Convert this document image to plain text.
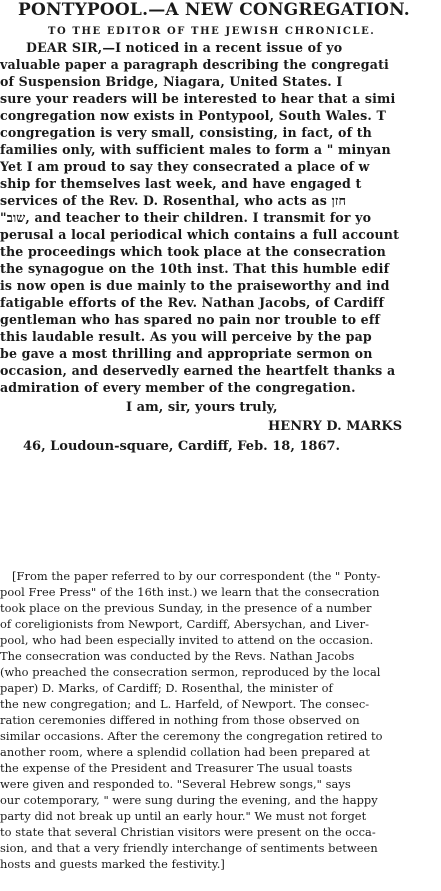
PONTYPOOL.—A NEW CONGREGATION.
TO THE EDITOR OF THE JEWISH CHRONICLE.
DEAR SIR,—I noticed in a recent issue of yo
valuable paper a paragraph describing the congregati
of Suspension Bridge, Niagara, United States. I
sure your readers will be interested to hear that a simi
congregation now exists in Pontypool, South Wales. T
congregation is very small, consisting, in fact, of th
families only, with sufficient males to form a " minyan
Yet I am proud to say they consecrated a place of w
ship for themselves last week, and have engaged t
services of the Rev. D. Rosenthal, who acts as חזן
"שוב, and teacher to their children. I transmit for yo
perusal a local periodical which contains a full account
the proceedings which took place at the consecration
the synagogue on the 10th inst. That this humble edif
is now open is due mainly to the praiseworthy and ind
fatigable efforts of the Rev. Nathan Jacobs, of Cardiff
gentleman who has spared no pain nor trouble to eff
this laudable result. As you will perceive by the pap
be gave a most thrilling and appropriate sermon on
occasion, and deservedly earned the heartfelt thanks a
admiration of every member of the congregation.
I am, sir, yours truly,
HENRY D. MARKS
46, Loudoun-square, Cardiff, Feb. 18, 1867.
[From the paper referred to by our correspondent (the " Ponty-
pool Free Press" of the 16th inst.) we learn that the consecration
took place on the previous Sunday, in the presence of a number
of coreligionists from Newport, Cardiff, Abersychan, and Liver-
pool, who had been especially invited to attend on the occasion.
The consecration was conducted by the Revs. Nathan Jacobs
(who preached the consecration sermon, reproduced by the local
paper) D. Marks, of Cardiff; D. Rosenthal, the minister of
the new congregation; and L. Harfeld, of Newport. The consec-
ration ceremonies differed in nothing from those observed on
similar occasions. After the ceremony the congregation retired to
another room, where a splendid collation had been prepared at
the expense of the President and Treasurer The usual toasts
were given and responded to. "Several Hebrew songs," says
our cotemporary, " were sung during the evening, and the happy
party did not break up until an early hour." We must not forget
to state that several Christian visitors were present on the occa-
sion, and that a very friendly interchange of sentiments between
hosts and guests marked the festivity.]
